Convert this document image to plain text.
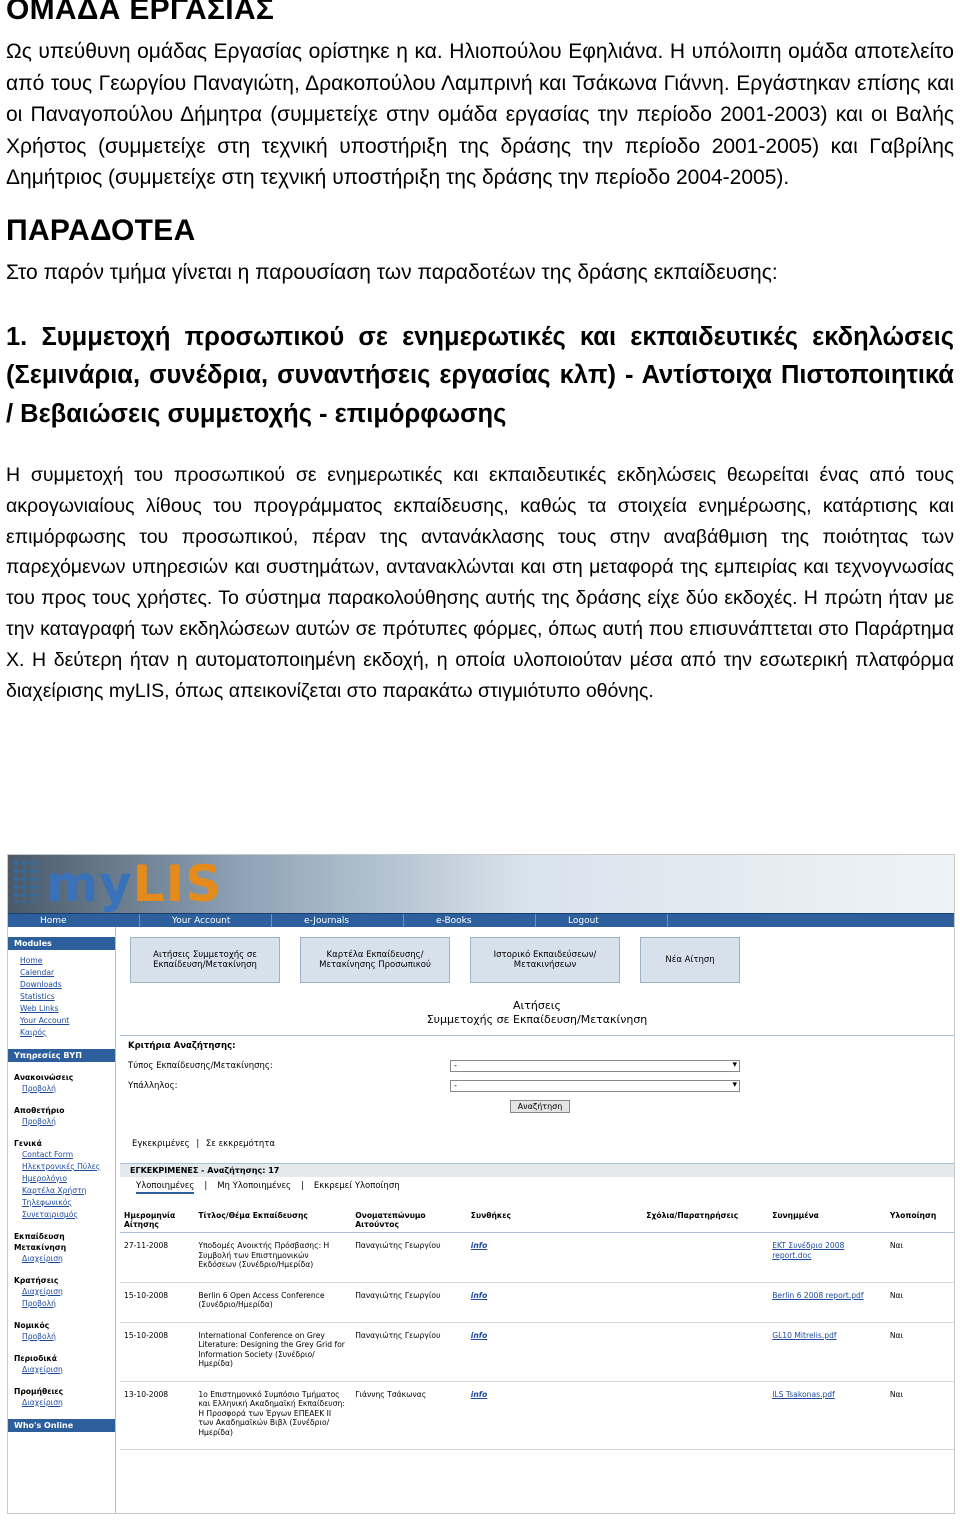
ΟΜΑΔΑ ΕΡΓΑΣΙΑΣ
Ως υπεύθυνη ομάδας Εργασίας ορίστηκε η κα. Ηλιοπούλου Εφηλιάνα. Η υπόλοιπη ομάδα αποτελείτο από τους Γεωργίου Παναγιώτη, Δρακοπούλου Λαμπρινή και Τσάκωνα Γιάννη. Εργάστηκαν επίσης και οι Παναγοπούλου Δήμητρα (συμμετείχε στην ομάδα εργασίας την περίοδο 2001-2003) και οι Βαλής Χρήστος (συμμετείχε στη τεχνική υποστήριξη της δράσης την περίοδο 2001-2005) και Γαβρίλης Δημήτριος (συμμετείχε στη τεχνική υποστήριξη της δράσης την περίοδο 2004-2005).
ΠΑΡΑΔΟΤΕΑ
Στο παρόν τμήμα γίνεται η παρουσίαση των παραδοτέων της δράσης εκπαίδευσης:
1. Συμμετοχή προσωπικού σε ενημερωτικές και εκπαιδευτικές εκδηλώσεις (Σεμινάρια, συνέδρια, συναντήσεις εργασίας κλπ) - Αντίστοιχα Πιστοποιητικά / Βεβαιώσεις συμμετοχής - επιμόρφωσης
Η συμμετοχή του προσωπικού σε ενημερωτικές και εκπαιδευτικές εκδηλώσεις θεωρείται ένας από τους ακρογωνιαίους λίθους του προγράμματος εκπαίδευσης, καθώς τα στοιχεία ενημέρωσης, κατάρτισης και επιμόρφωσης του προσωπικού, πέραν της αντανάκλασης τους στην αναβάθμιση της ποιότητας των παρεχόμενων υπηρεσιών και συστημάτων, αντανακλώνται και στη μεταφορά της εμπειρίας και τεχνογνωσίας του προς τους χρήστες. Το σύστημα παρακολούθησης αυτής της δράσης είχε δύο εκδοχές. Η πρώτη ήταν με την καταγραφή των εκδηλώσεων αυτών σε πρότυπες φόρμες, όπως αυτή που επισυνάπτεται στο Παράρτημα Χ. Η δεύτερη ήταν η αυτοματοποιημένη εκδοχή, η οποία υλοποιούταν μέσα από την εσωτερική πλατφόρμα διαχείρισης myLIS, όπως απεικονίζεται στο παρακάτω στιγμιότυπο οθόνης.
myLIS
Home	Your Account	e-Journals	e-Books	Logout
Modules
Home
Calendar
Downloads
Statistics
Web Links
Your Account
Καιρός
Υπηρεσίες ΒΥΠ
Ανακοινώσεις
Προβολή
Αποθετήριο
Προβολή
Γενικά
Contact Form
Ηλεκτρονικές Πύλες
Ημερολόγιο
Καρτέλα Χρήστη
Τηλεφωνικός
Συνεταιρισμός
Εκπαίδευση Μετακίνηση
Διαχείριση
Κρατήσεις
Διαχείριση
Προβολή
Νομικός
Προβολή
Περιοδικά
Διαχείριση
Προμήθειες
Διαχείριση
Who's Online
Αιτήσεις Συμμετοχής σε Εκπαίδευση/Μετακίνηση
Καρτέλα Εκπαίδευσης/Μετακίνησης Προσωπικού
Ιστορικό Εκπαιδεύσεων/Μετακινήσεων	Νέα Αίτηση
Αιτήσεις
Συμμετοχής σε Εκπαίδευση/Μετακίνηση
Κριτήρια Αναζήτησης:
Τύπος Εκπαίδευσης/Μετακίνησης:	- ▾
Υπάλληλος:	- ▾
Αναζήτηση
Εγκεκριμένες | Σε εκκρεμότητα
ΕΓΚΕΚΡΙΜΕΝΕΣ - Αναζήτησης: 17
Υλοποιημένες | Μη Υλοποιημένες | Εκκρεμεί Υλοποίηση
Ημερομηνία Αίτησης	Τίτλος/Θέμα Εκπαίδευσης	Ονοματεπώνυμο Αιτούντος	Συνθήκες	Σχόλια/Παρατηρήσεις	Συνημμένα	Υλοποίηση
27-11-2008	Υποδομές Ανοικτής Πρόσβασης: Η Συμβολή των Επιστημονικών Εκδόσεων (Συνέδριο/Ημερίδα)	Παναγιώτης Γεωργίου	info		EKT Συνέδριο 2008 report.doc	Ναι
15-10-2008	Berlin 6 Open Access Conference (Συνέδριο/Ημερίδα)	Παναγιώτης Γεωργίου	info		Berlin 6 2008 report.pdf	Ναι
15-10-2008	International Conference on Grey Literature: Designing the Grey Grid for Information Society (Συνέδριο/Ημερίδα)	Παναγιώτης Γεωργίου	info		GL10 Mitrelis.pdf	Ναι
13-10-2008	1ο Επιστημονικό Συμπόσιο Τμήματος και Ελληνική Ακαδημαϊκή Εκπαίδευση: Η Προσφορά των Έργων ΕΠΕΑΕΚ ΙΙ των Ακαδημαϊκών Βιβλ (Συνέδριο/Ημερίδα)	Γιάννης Τσάκωνας	info		ILS Tsakonas.pdf	Ναι
